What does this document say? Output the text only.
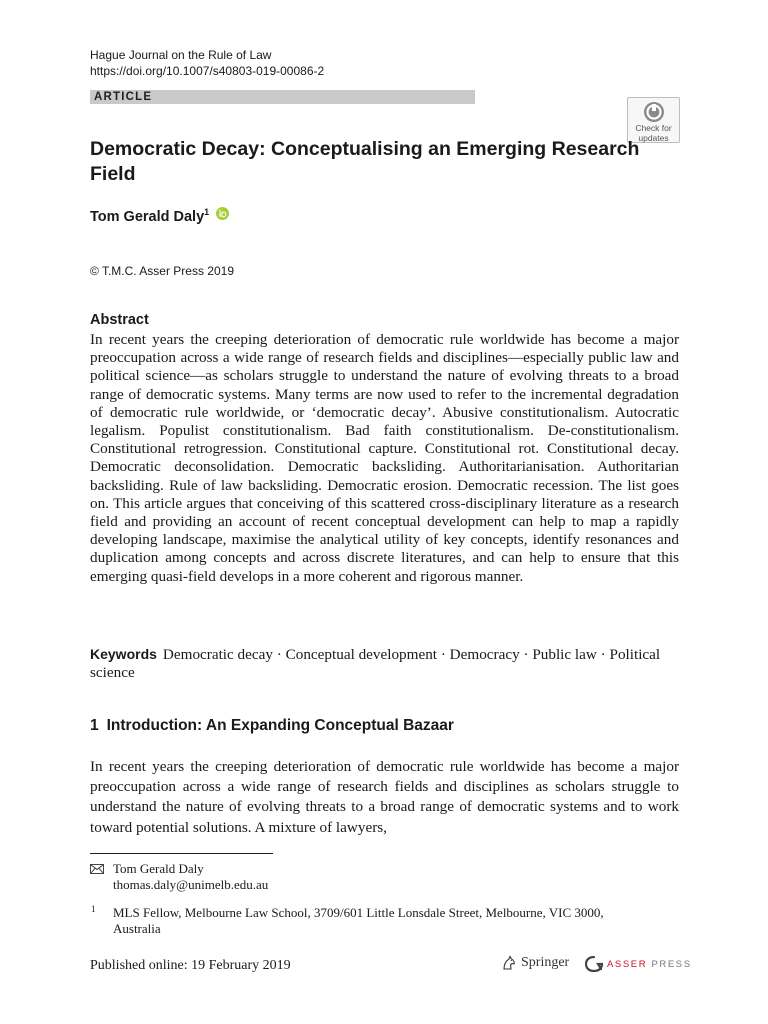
Hague Journal on the Rule of Law
https://doi.org/10.1007/s40803-019-00086-2
ARTICLE
Check for
updates
Democratic Decay: Conceptualising an Emerging Research Field
Tom Gerald Daly$^1$
© T.M.C. Asser Press 2019
Abstract

In recent years the creeping deterioration of democratic rule worldwide has become a major preoccupation across a wide range of research fields and disciplines—especially public law and political science—as scholars struggle to understand the nature of evolving threats to a broad range of democratic systems. Many terms are now used to refer to the incremental degradation of democratic rule worldwide, or ‘democratic decay’. Abusive constitutionalism. Autocratic legalism. Populist constitutionalism. Bad faith constitutionalism. De-constitutionalism. Constitutional retrogression. Constitutional capture. Constitutional rot. Constitutional decay. Democratic deconsolidation. Democratic backsliding. Authoritarianisation. Authoritarian backsliding. Rule of law backsliding. Democratic erosion. Democratic recession. The list goes on. This article argues that conceiving of this scattered cross-disciplinary literature as a research field and providing an account of recent conceptual development can help to map a rapidly developing landscape, maximise the analytical utility of key concepts, identify resonances and duplication among concepts and across discrete literatures, and can help to ensure that this emerging quasi-field develops in a more coherent and rigorous manner.

Keywords Democratic decay · Conceptual development · Democracy · Public law · Political science

1 Introduction: An Expanding Conceptual Bazaar

In recent years the creeping deterioration of democratic rule worldwide has become a major preoccupation across a wide range of research fields and disciplines as scholars struggle to understand the nature of evolving threats to a broad range of democratic systems and to work toward potential solutions. A mixture of lawyers,

Tom Gerald Daly
thomas.daly@unimelb.edu.au
1 MLS Fellow, Melbourne Law School, 3709/601 Little Lonsdale Street, Melbourne, VIC 3000, Australia

Published online: 19 February 2019	Springer	ASSER PRESS
